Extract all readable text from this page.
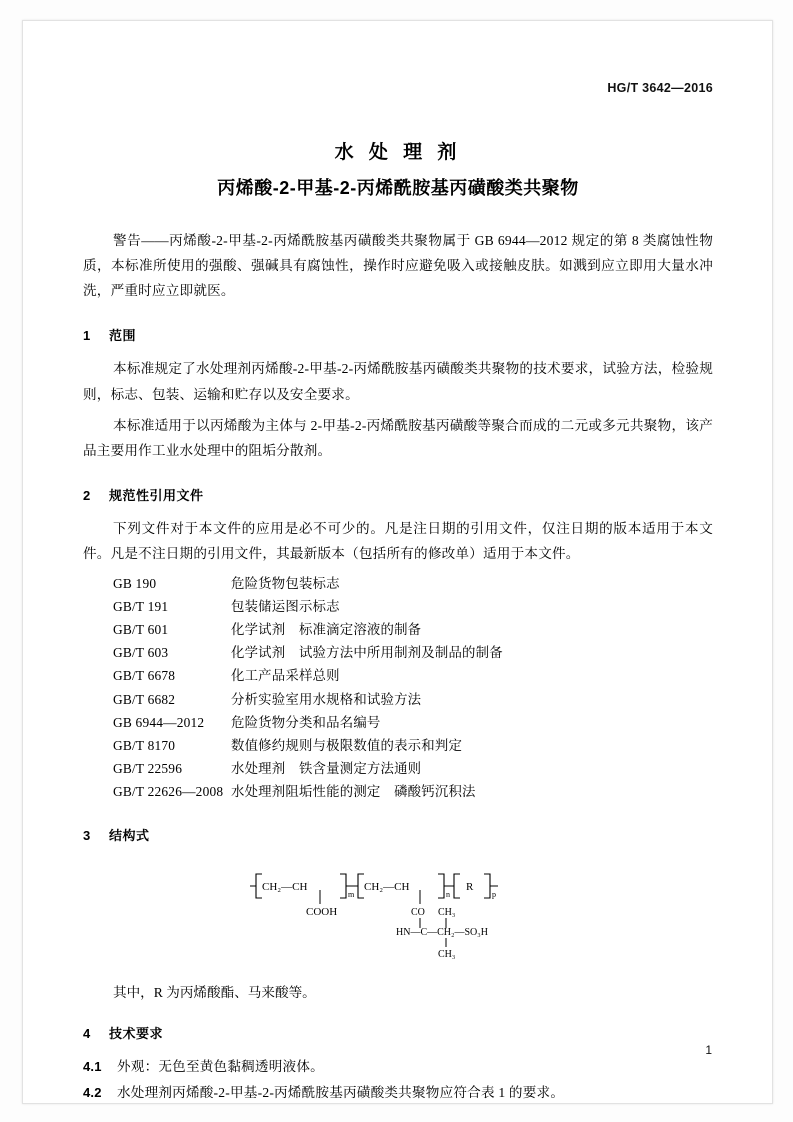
HG/T 3642—2016
水 处 理 剂
丙烯酸-2-甲基-2-丙烯酰胺基丙磺酸类共聚物

警告——丙烯酸-2-甲基-2-丙烯酰胺基丙磺酸类共聚物属于 GB 6944—2012 规定的第 8 类腐蚀性物质，本标准所使用的强酸、强碱具有腐蚀性，操作时应避免吸入或接触皮肤。如溅到应立即用大量水冲洗，严重时应立即就医。

1 范围

本标准规定了水处理剂丙烯酸-2-甲基-2-丙烯酰胺基丙磺酸类共聚物的技术要求，试验方法，检验规则，标志、包装、运输和贮存以及安全要求。

本标准适用于以丙烯酸为主体与 2-甲基-2-丙烯酰胺基丙磺酸等聚合而成的二元或多元共聚物，该产品主要用作工业水处理中的阻垢分散剂。

2 规范性引用文件

下列文件对于本文件的应用是必不可少的。凡是注日期的引用文件，仅注日期的版本适用于本文件。凡是不注日期的引用文件，其最新版本（包括所有的修改单）适用于本文件。

GB 190	危险货物包装标志
GB/T 191	包装储运图示标志
GB/T 601	化学试剂　标准滴定溶液的制备
GB/T 603	化学试剂　试验方法中所用制剂及制品的制备
GB/T 6678	化工产品采样总则
GB/T 6682	分析实验室用水规格和试验方法
GB 6944—2012 危险货物分类和品名编号
GB/T 8170	数值修约规则与极限数值的表示和判定
GB/T 22596	水处理剂　铁含量测定方法通则
GB/T 22626—2008 水处理剂阻垢性能的测定　磷酸钙沉积法
3 结构式
CH₂—CH
m
COOH
CH₂—CH
n
CO CH₃
HN—C—CH₂—SO₃H
CH₃
R
p

其中，R 为丙烯酸酯、马来酸等。

4 技术要求

4.1 外观：无色至黄色黏稠透明液体。

4.2 水处理剂丙烯酸-2-甲基-2-丙烯酰胺基丙磺酸类共聚物应符合表 1 的要求。

1
